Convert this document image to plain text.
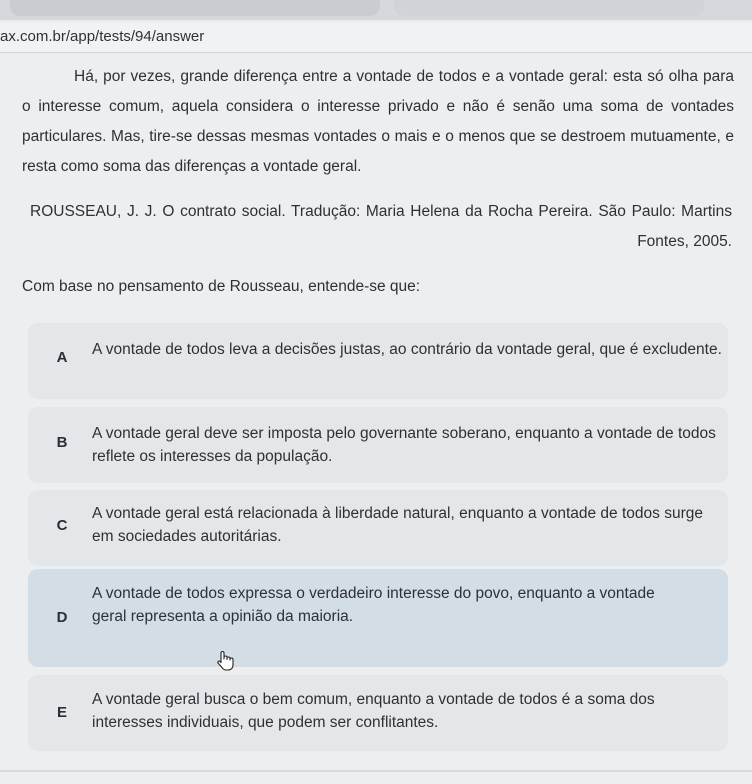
ax.com.br/app/tests/94/answer
Há, por vezes, grande diferença entre a vontade de todos e a vontade geral: esta só olha para o interesse comum, aquela considera o interesse privado e não é senão uma soma de vontades particulares. Mas, tire-se dessas mesmas vontades o mais e o menos que se destroem mutuamente, e resta como soma das diferenças a vontade geral.
ROUSSEAU, J. J. O contrato social. Tradução: Maria Helena da Rocha Pereira. São Paulo: Martins Fontes, 2005.
Com base no pensamento de Rousseau, entende-se que:
A A vontade de todos leva a decisões justas, ao contrário da vontade geral, que é excludente.
B
A vontade geral deve ser imposta pelo governante soberano, enquanto a vontade de todos reflete os interesses da população.
C
A vontade geral está relacionada à liberdade natural, enquanto a vontade de todos surge em sociedades autoritárias.
D
A vontade de todos expressa o verdadeiro interesse do povo, enquanto a vontade geral representa a opinião da maioria.
E
A vontade geral busca o bem comum, enquanto a vontade de todos é a soma dos interesses individuais, que podem ser conflitantes.
